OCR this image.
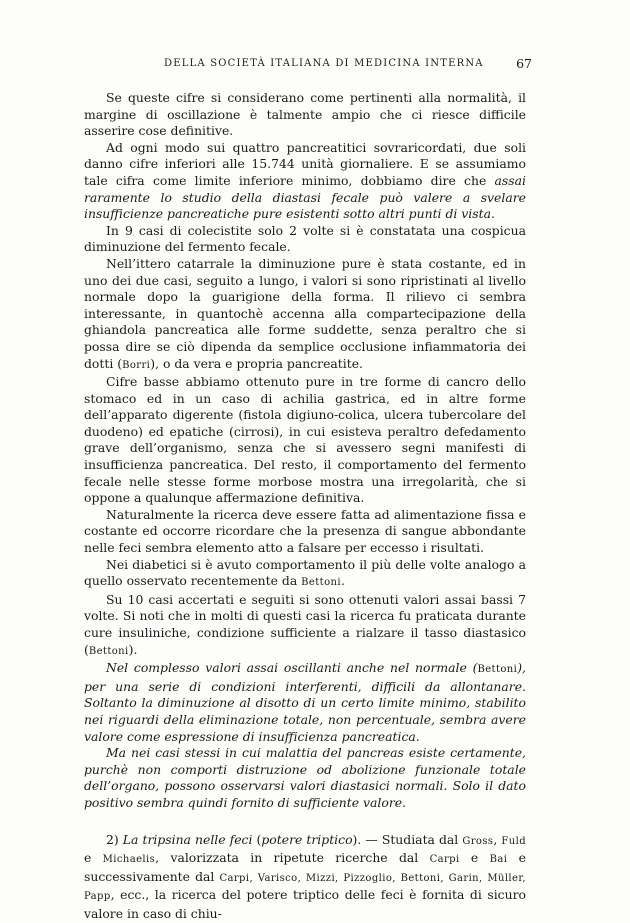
DELLA SOCIETÀ ITALIANA DI MEDICINA INTERNA	67

Se queste cifre si considerano come pertinenti alla normalità, il margine di oscillazione è talmente ampio che ci riesce difficile asserire cose definitive.

Ad ogni modo sui quattro pancreatitici sovraricordati, due soli danno cifre inferiori alle 15.744 unità giornaliere. E se assumiamo tale cifra come limite inferiore minimo, dobbiamo dire che assai raramente lo studio della diastasi fecale può valere a svelare insufficienze pancreatiche pure esistenti sotto altri punti di vista.

In 9 casi di colecistite solo 2 volte si è constatata una cospicua diminuzione del fermento fecale.

Nell’ittero catarrale la diminuzione pure è stata costante, ed in uno dei due casi, seguito a lungo, i valori si sono ripristinati al livello normale dopo la guarigione della forma. Il rilievo ci sembra interessante, in quantochè accenna alla compartecipazione della ghiandola pancreatica alle forme suddette, senza peraltro che si possa dire se ciò dipenda da semplice occlusione infiammatoria dei dotti (Borri), o da vera e propria pancreatite.

Cifre basse abbiamo ottenuto pure in tre forme di cancro dello stomaco ed in un caso di achilia gastrica, ed in altre forme dell’apparato digerente (fistola digiuno-colica, ulcera tubercolare del duodeno) ed epatiche (cirrosi), in cui esisteva peraltro defedamento grave dell’organismo, senza che si avessero segni manifesti di insufficienza pancreatica. Del resto, il comportamento del fermento fecale nelle stesse forme morbose mostra una irregolarità, che si oppone a qualunque affermazione definitiva.

Naturalmente la ricerca deve essere fatta ad alimentazione fissa e costante ed occorre ricordare che la presenza di sangue abbondante nelle feci sembra elemento atto a falsare per eccesso i risultati.

Nei diabetici si è avuto comportamento il più delle volte analogo a quello osservato recentemente da Bettoni.

Su 10 casi accertati e seguiti si sono ottenuti valori assai bassi 7 volte. Si noti che in molti di questi casi la ricerca fu praticata durante cure insuliniche, condizione sufficiente a rialzare il tasso diastasico (Bettoni).

Nel complesso valori assai oscillanti anche nel normale (Bettoni), per una serie di condizioni interferenti, difficili da allontanare. Soltanto la diminuzione al disotto di un certo limite minimo, stabilito nei riguardi della eliminazione totale, non percentuale, sembra avere valore come espressione di insufficienza pancreatica.

Ma nei casi stessi in cui malattia del pancreas esiste certamente, purchè non comporti distruzione od abolizione funzionale totale dell’organo, possono osservarsi valori diastasici normali. Solo il dato positivo sembra quindi fornito di sufficiente valore.

2) La tripsina nelle feci (potere triptico). — Studiata dal Gross, Fuld e Michaelis, valorizzata in ripetute ricerche dal Carpi e Bai e successivamente dal Carpi, Varisco, Mizzi, Pizzoglio, Bettoni, Garin, Müller, Papp, ecc., la ricerca del potere triptico delle feci è fornita di sicuro valore in caso di chiu-
